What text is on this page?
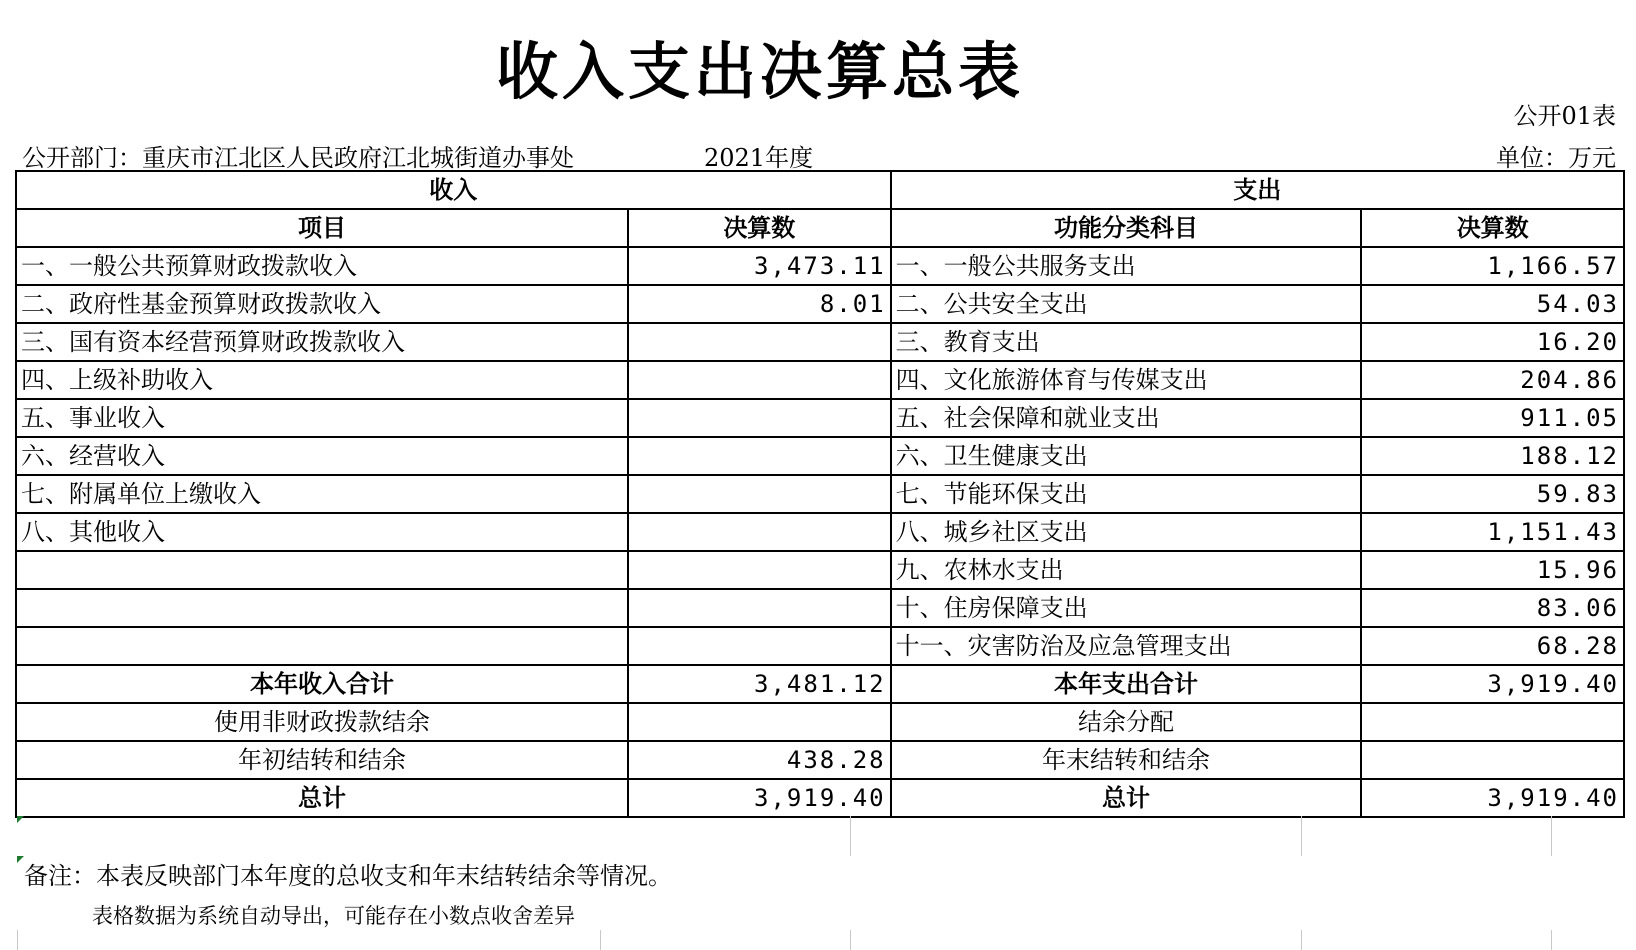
收入支出决算总表
公开01表
公开部门：重庆市江北区人民政府江北城街道办事处	2021年度	单位：万元
收入		支出	
项目	决算数	功能分类科目	决算数
一、一般公共预算财政拨款收入	3,473.11	一、一般公共服务支出	1,166.57
二、政府性基金预算财政拨款收入	8.01	二、公共安全支出	54.03
三、国有资本经营预算财政拨款收入		三、教育支出	16.20
四、上级补助收入		四、文化旅游体育与传媒支出	204.86
五、事业收入		五、社会保障和就业支出	911.05
六、经营收入		六、卫生健康支出	188.12
七、附属单位上缴收入		七、节能环保支出	59.83
八、其他收入		八、城乡社区支出	1,151.43
		九、农林水支出	15.96
		十、住房保障支出	83.06
		十一、灾害防治及应急管理支出	68.28
本年收入合计	3,481.12	本年支出合计	3,919.40
使用非财政拨款结余		结余分配	
年初结转和结余	438.28	年末结转和结余	
总计	3,919.40	总计	3,919.40
备注：本表反映部门本年度的总收支和年末结转结余等情况。
表格数据为系统自动导出，可能存在小数点收舍差异
